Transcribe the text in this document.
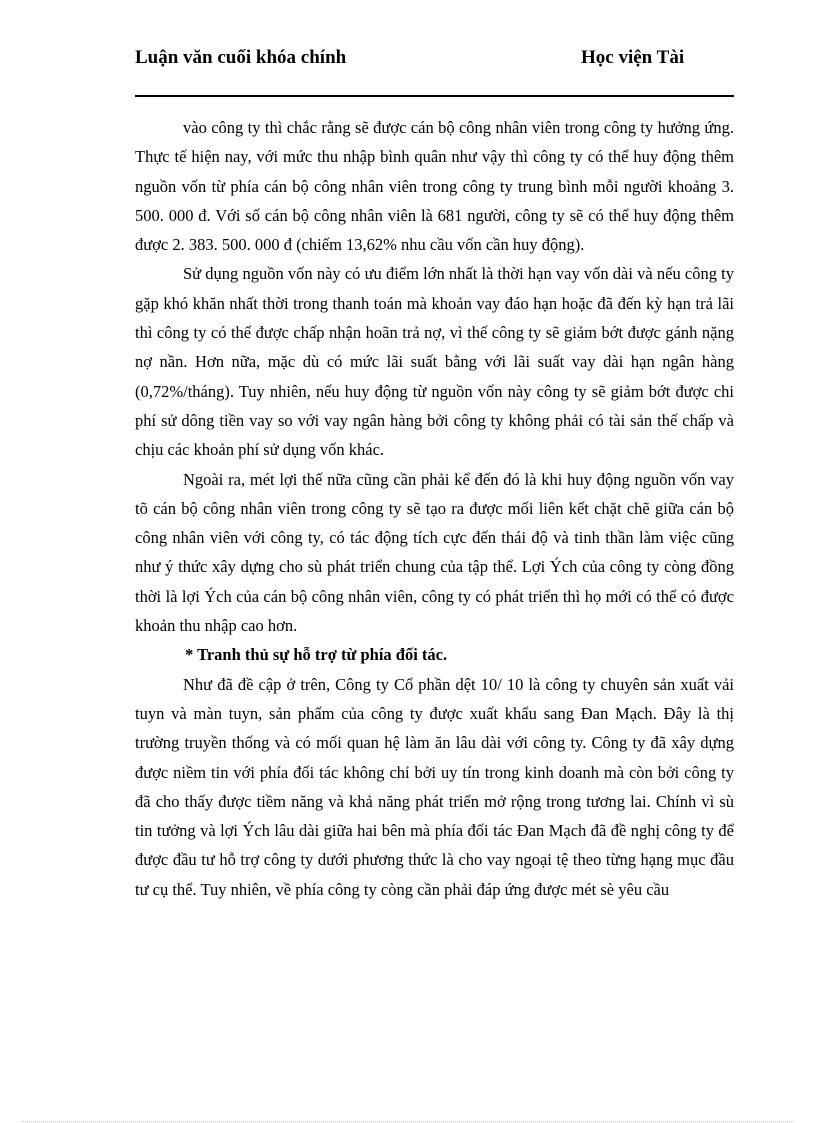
Luận văn cuối khóa chính	Học viện Tài

vào công ty thì chắc rằng sẽ được cán bộ công nhân viên trong công ty hưởng ứng. Thực tế hiện nay, với mức thu nhập bình quân như vậy thì công ty có thể huy động thêm nguồn vốn từ phía cán bộ công nhân viên trong công ty trung bình mỗi người khoảng 3. 500. 000 đ. Với số cán bộ công nhân viên là 681 người, công ty sẽ có thể huy động thêm được 2. 383. 500. 000 đ (chiếm 13,62% nhu cầu vốn cần huy động).

Sử dụng nguồn vốn này có ưu điểm lớn nhất là thời hạn vay vốn dài và nếu công ty gặp khó khăn nhất thời trong thanh toán mà khoản vay đáo hạn hoặc đã đến kỳ hạn trả lãi thì công ty có thể được chấp nhận hoãn trả nợ, vì thế công ty sẽ giảm bớt được gánh nặng nợ nần. Hơn nữa, mặc dù có mức lãi suất bằng với lãi suất vay dài hạn ngân hàng (0,72%/tháng). Tuy nhiên, nếu huy động từ nguồn vốn này công ty sẽ giảm bớt được chi phí sử dông tiền vay so với vay ngân hàng bởi công ty không phải có tài sản thế chấp và chịu các khoản phí sử dụng vốn khác.

Ngoài ra, mét lợi thế nữa cũng cần phải kể đến đó là khi huy động nguồn vốn vay tõ cán bộ công nhân viên trong công ty sẽ tạo ra được mối liên kết chặt chẽ giữa cán bộ công nhân viên với công ty, có tác động tích cực đến thái độ và tinh thần làm việc cũng như ý thức xây dựng cho sù phát triển chung của tập thể. Lợi Ých của công ty còng đồng thời là lợi Ých của cán bộ công nhân viên, công ty có phát triển thì họ mới có thể có được khoản thu nhập cao hơn.

* Tranh thủ sự hỗ trợ từ phía đối tác.

Như đã đề cập ở trên, Công ty Cổ phần dệt 10/ 10 là công ty chuyên sản xuất vải tuyn và màn tuyn, sản phẩm của công ty được xuất khẩu sang Đan Mạch. Đây là thị trường truyền thống và có mối quan hệ làm ăn lâu dài với công ty. Công ty đã xây dựng được niềm tin với phía đối tác không chỉ bởi uy tín trong kinh doanh mà còn bởi công ty đã cho thấy được tiềm năng và khả năng phát triển mở rộng trong tương lai. Chính vì sù tin tưởng và lợi Ých lâu dài giữa hai bên mà phía đối tác Đan Mạch đã đề nghị công ty để được đầu tư hỗ trợ công ty dưới phương thức là cho vay ngoại tệ theo từng hạng mục đầu tư cụ thể. Tuy nhiên, về phía công ty còng cần phải đáp ứng được mét sè yêu cầu
